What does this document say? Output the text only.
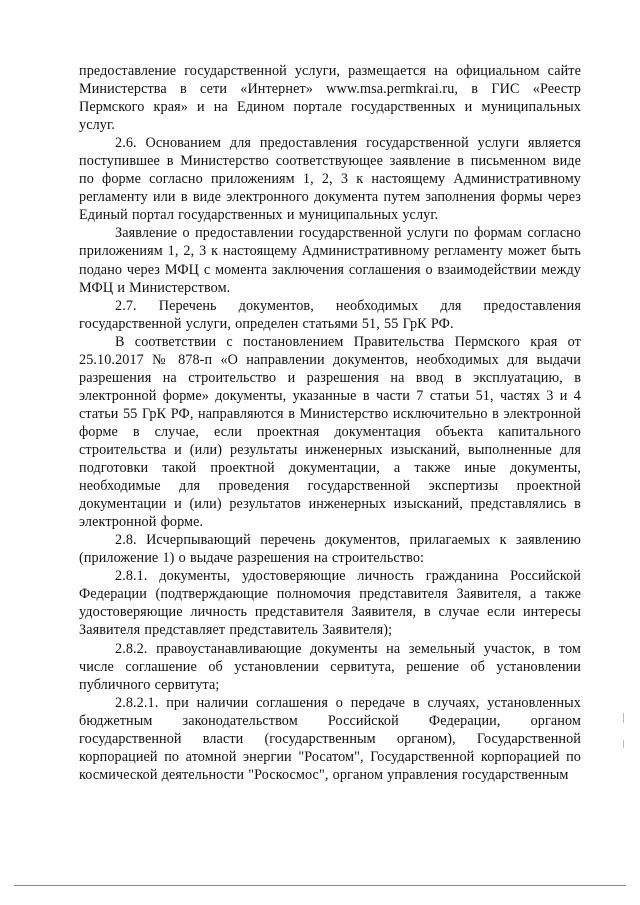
предоставление государственной услуги, размещается на официальном сайте Министерства в сети «Интернет» www.msa.permkrai.ru, в ГИС «Реестр Пермского края» и на Едином портале государственных и муниципальных услуг.

2.6. Основанием для предоставления государственной услуги является поступившее в Министерство соответствующее заявление в письменном виде по форме согласно приложениям 1, 2, 3 к настоящему Административному регламенту или в виде электронного документа путем заполнения формы через Единый портал государственных и муниципальных услуг.

Заявление о предоставлении государственной услуги по формам согласно приложениям 1, 2, 3 к настоящему Административному регламенту может быть подано через МФЦ с момента заключения соглашения о взаимодействии между МФЦ и Министерством.

2.7. Перечень документов, необходимых для предоставления государственной услуги, определен статьями 51, 55 ГрК РФ.

В соответствии с постановлением Правительства Пермского края от 25.10.2017 № 878-п «О направлении документов, необходимых для выдачи разрешения на строительство и разрешения на ввод в эксплуатацию, в электронной форме» документы, указанные в части 7 статьи 51, частях 3 и 4 статьи 55 ГрК РФ, направляются в Министерство исключительно в электронной форме в случае, если проектная документация объекта капитального строительства и (или) результаты инженерных изысканий, выполненные для подготовки такой проектной документации, а также иные документы, необходимые для проведения государственной экспертизы проектной документации и (или) результатов инженерных изысканий, представлялись в электронной форме.

2.8. Исчерпывающий перечень документов, прилагаемых к заявлению (приложение 1) о выдаче разрешения на строительство:

2.8.1. документы, удостоверяющие личность гражданина Российской Федерации (подтверждающие полномочия представителя Заявителя, а также удостоверяющие личность представителя Заявителя, в случае если интересы Заявителя представляет представитель Заявителя);

2.8.2. правоустанавливающие документы на земельный участок, в том числе соглашение об установлении сервитута, решение об установлении публичного сервитута;

2.8.2.1. при наличии соглашения о передаче в случаях, установленных бюджетным законодательством Российской Федерации, органом государственной власти (государственным органом), Государственной корпорацией по атомной энергии "Росатом", Государственной корпорацией по космической деятельности "Роскосмос", органом управления государственным
